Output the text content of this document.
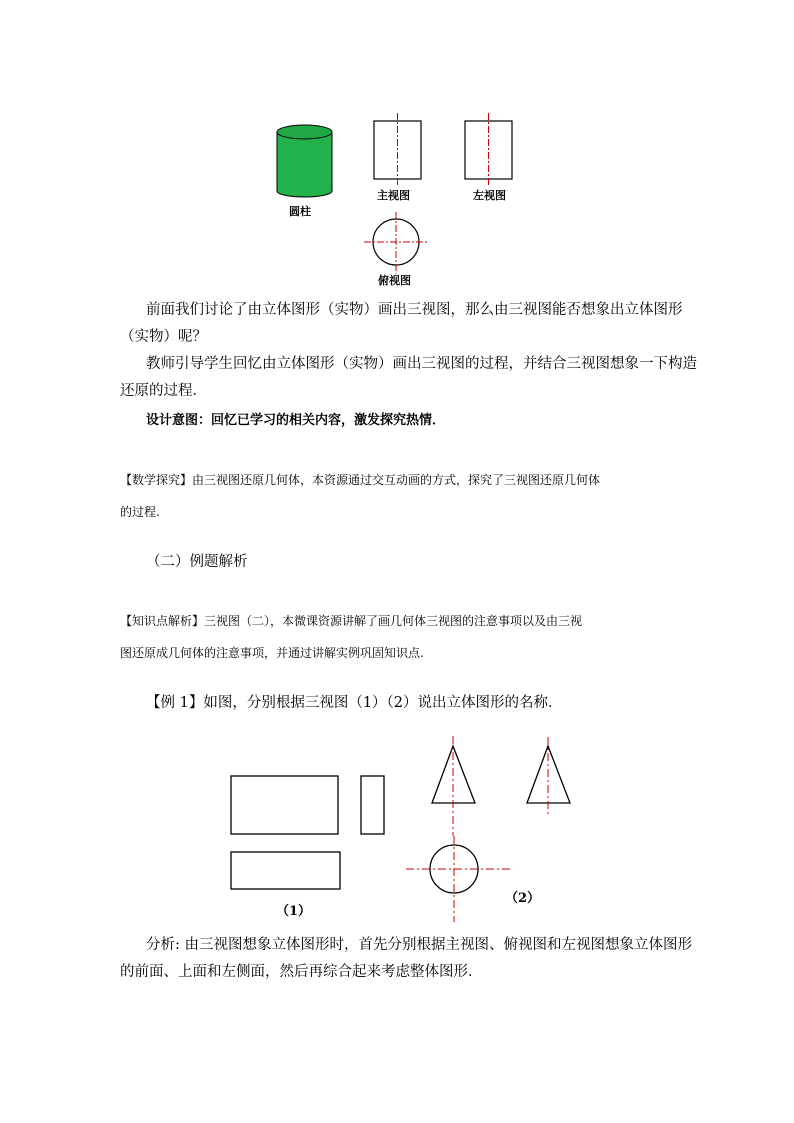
圆柱
主视图	左视图
俯视图
前面我们讨论了由立体图形（实物）画出三视图，那么由三视图能否想象出立体图形
（实物）呢？
教师引导学生回忆由立体图形（实物）画出三视图的过程，并结合三视图想象一下构造
还原的过程．
设计意图：回忆已学习的相关内容，激发探究热情．
【数学探究】由三视图还原几何体，本资源通过交互动画的方式，探究了三视图还原几何体
的过程.
（二）例题解析
【知识点解析】三视图（二），本微课资源讲解了画几何体三视图的注意事项以及由三视
图还原成几何体的注意事项，并通过讲解实例巩固知识点.
【例 1】如图，分别根据三视图（1）（2）说出立体图形的名称．
（1）
（2）
分析: 由三视图想象立体图形时，首先分别根据主视图、俯视图和左视图想象立体图形
的前面、上面和左侧面，然后再综合起来考虑整体图形．
